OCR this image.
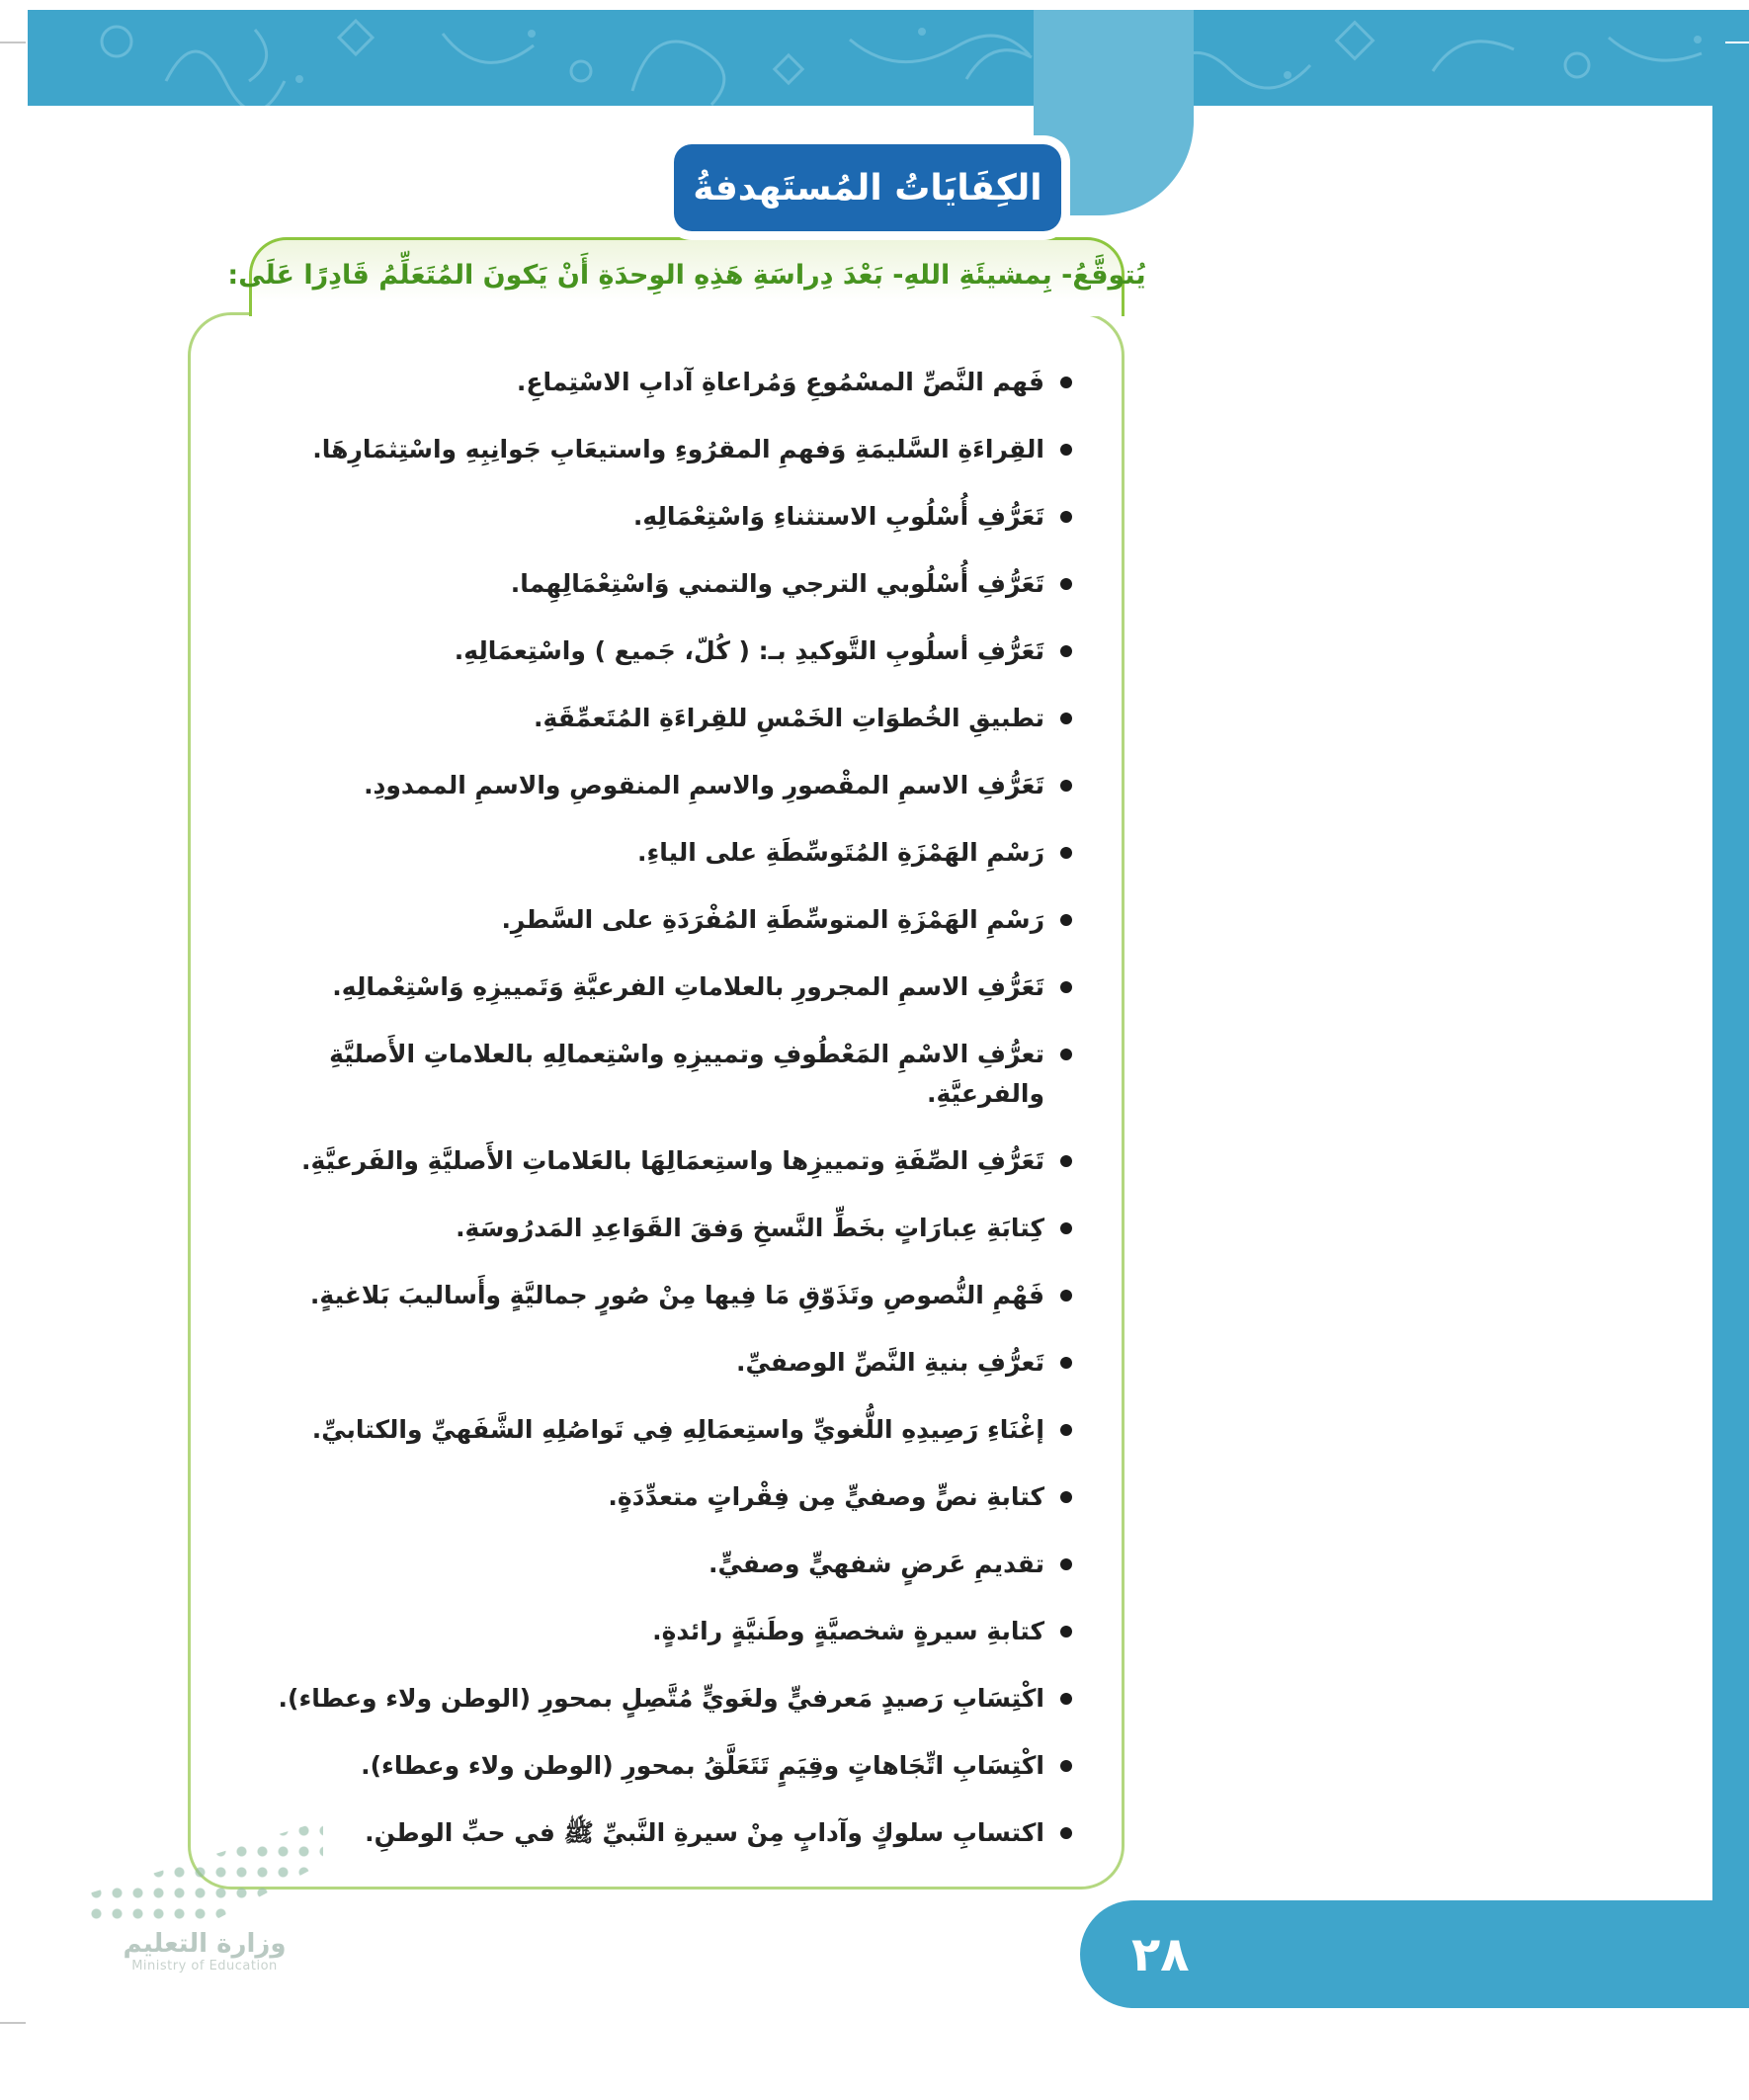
الكِفَايَاتُ المُستَهدفةُ
يُتوقَّعُ- بِمشيئَةِ اللهِ- بَعْدَ دِراسَةِ هَذِهِ الوِحدَةِ أَنْ يَكونَ المُتَعَلِّمُ قَادِرًا عَلَى:
فَهم النَّصِّ المسْمُوعِ وَمُراعاةِ آدابِ الاسْتِماعِ.
القِراءَةِ السَّليمَةِ وَفهمِ المقرُوءِ واستيعَابِ جَوانِبِهِ واسْتِثمَارِهَا.
تَعَرُّفِ أُسْلُوبِ الاستثناءِ وَاسْتِعْمَالِهِ.
تَعَرُّفِ أُسْلُوبي الترجي والتمني وَاسْتِعْمَالِهِما.
تَعَرُّفِ أسلُوبِ التَّوكيدِ بـ: ( كُلّ، جَميع ) واسْتِعمَالِهِ.
تطبيقِ الخُطوَاتِ الخَمْسِ للقِراءَةِ المُتَعمِّقَةِ.
تَعَرُّفِ الاسمِ المقْصورِ والاسمِ المنقوصِ والاسمِ الممدودِ.
رَسْمِ الهَمْزَةِ المُتَوسِّطَةِ على الياءِ.
رَسْمِ الهَمْزَةِ المتوسِّطَةِ المُفْرَدَةِ على السَّطرِ.
تَعَرُّفِ الاسمِ المجرورِ بالعلاماتِ الفرعيَّةِ وَتَمييزِهِ وَاسْتِعْمالِهِ.
تعرُّفِ الاسْمِ المَعْطُوفِ وتمييزِهِ واسْتِعمالِهِ بالعلاماتِ الأَصليَّةِ والفرعيَّةِ.
تَعَرُّفِ الصِّفَةِ وتمييزِها واستِعمَالِهَا بالعَلاماتِ الأَصليَّةِ والفَرعيَّةِ.
كِتابَةِ عِبارَاتٍ بخَطِّ النَّسخِ وَفقَ القَوَاعِدِ المَدرُوسَةِ.
فَهْمِ النُّصوصِ وتَذَوّقِ مَا فِيها مِنْ صُورٍ جماليَّةٍ وأَساليبَ بَلاغيةٍ.
تَعرُّفِ بنيةِ النَّصِّ الوصفيِّ.
إغْنَاءِ رَصِيدِهِ اللُّغويِّ واستِعمَالِهِ فِي تَواصُلِهِ الشَّفَهيِّ والكتابيِّ.
كتابةِ نصٍّ وصفيٍّ مِن فِقْراتٍ متعدِّدَةٍ.
تقديمِ عَرضٍ شفهيٍّ وصفيٍّ.
كتابةِ سيرةٍ شخصيَّةٍ وطَنيَّةٍ رائدةٍ.
اكْتِسَابِ رَصيدٍ مَعرفيٍّ ولغَويٍّ مُتَّصِلٍ بمحورِ (الوطن ولاء وعطاء).
اكْتِسَابِ اتِّجَاهاتٍ وقِيَمٍ تَتَعَلَّقُ بمحورِ (الوطن ولاء وعطاء).
اكتسابِ سلوكٍ وآدابٍ مِنْ سيرةِ النَّبيِّ ﷺ في حبِّ الوطنِ.
٢٨
وزارة التعليم
Ministry of Education
